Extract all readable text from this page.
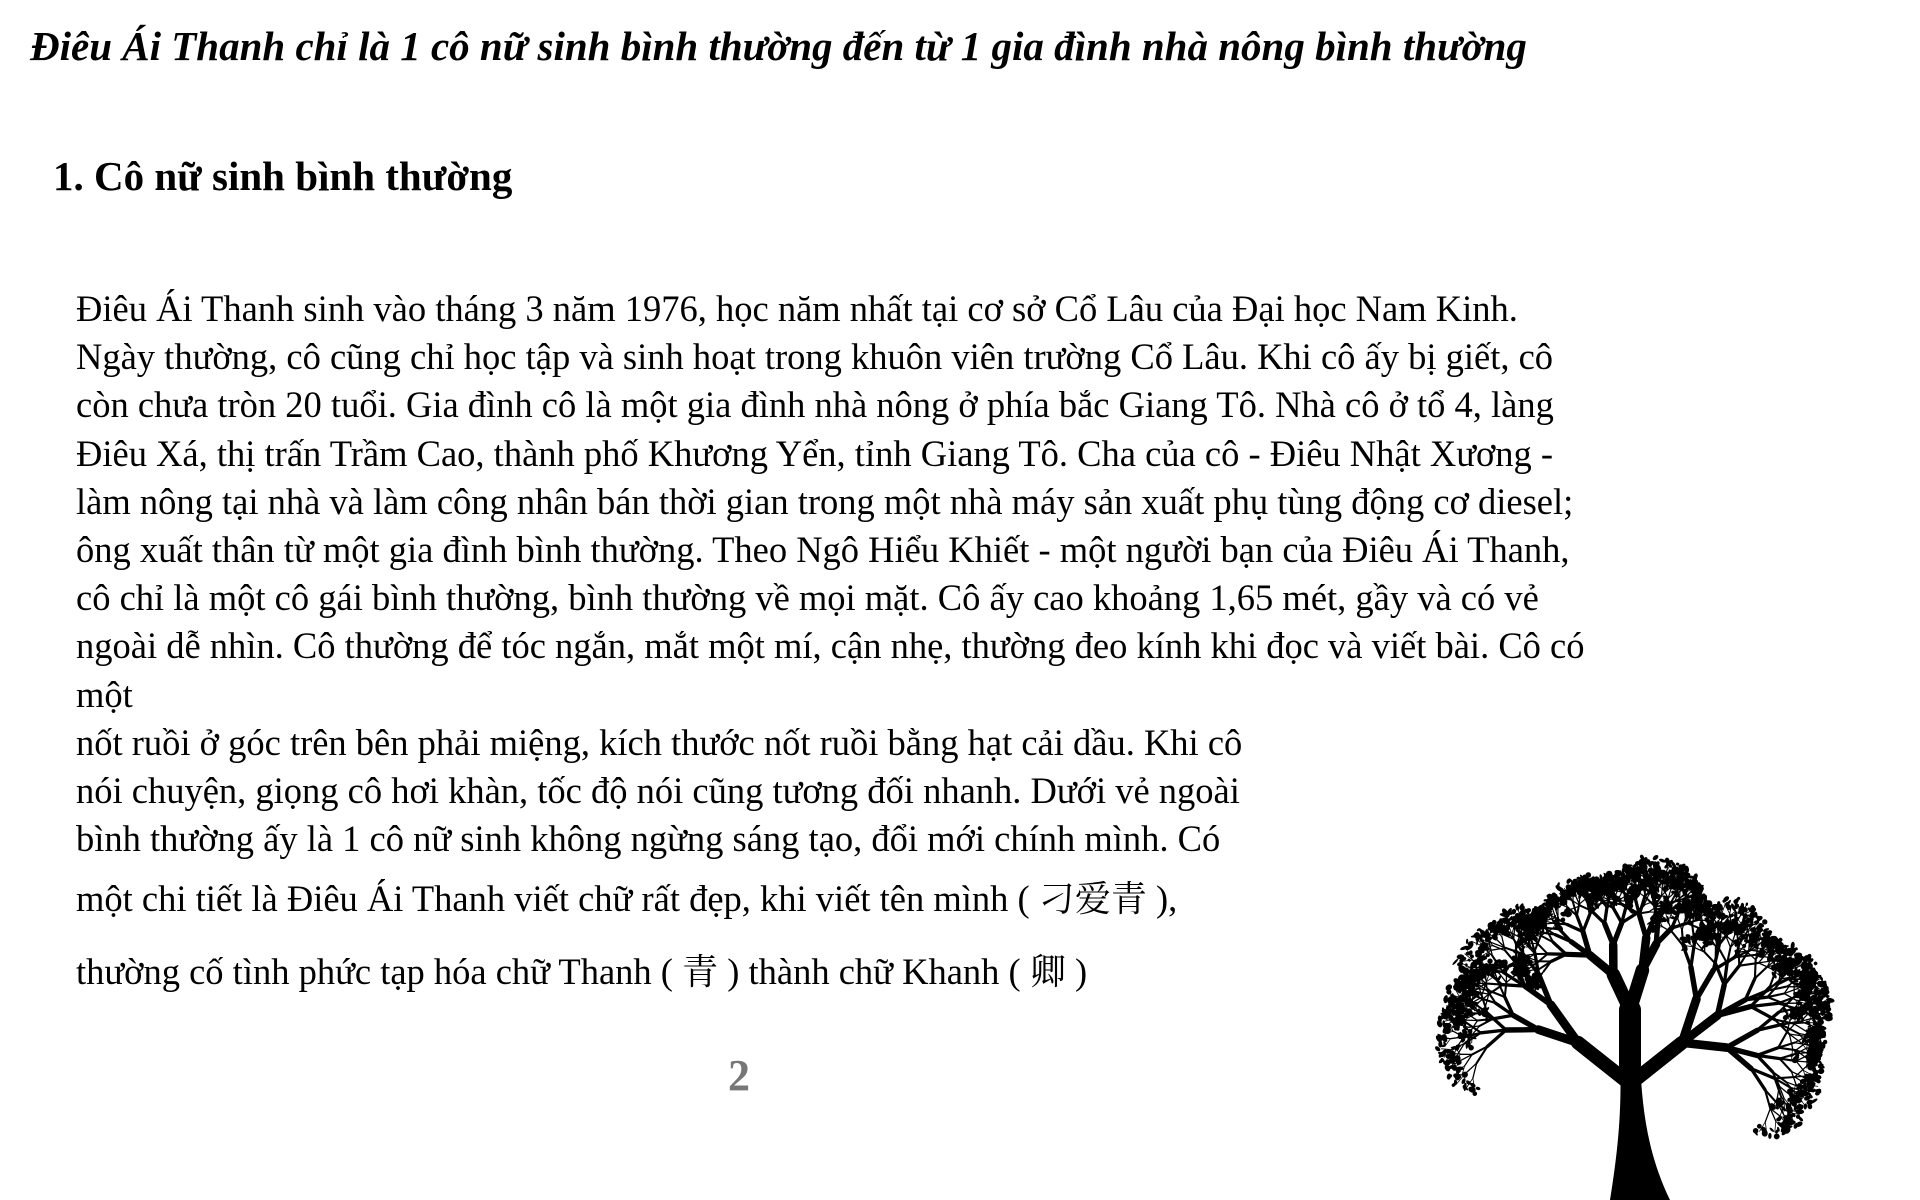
Điêu Ái Thanh chỉ là 1 cô nữ sinh bình thường đến từ 1 gia đình nhà nông bình thường
1. Cô nữ sinh bình thường
Điêu Ái Thanh sinh vào tháng 3 năm 1976, học năm nhất tại cơ sở Cổ Lâu của Đại học Nam Kinh.
Ngày thường, cô cũng chỉ học tập và sinh hoạt trong khuôn viên trường Cổ Lâu. Khi cô ấy bị giết, cô
còn chưa tròn 20 tuổi. Gia đình cô là một gia đình nhà nông ở phía bắc Giang Tô. Nhà cô ở tổ 4, làng
Điêu Xá, thị trấn Trầm Cao, thành phố Khương Yển, tỉnh Giang Tô. Cha của cô - Điêu Nhật Xương -
làm nông tại nhà và làm công nhân bán thời gian trong một nhà máy sản xuất phụ tùng động cơ diesel;
ông xuất thân từ một gia đình bình thường. Theo Ngô Hiểu Khiết - một người bạn của Điêu Ái Thanh,
cô chỉ là một cô gái bình thường, bình thường về mọi mặt. Cô ấy cao khoảng 1,65 mét, gầy và có vẻ
ngoài dễ nhìn. Cô thường để tóc ngắn, mắt một mí, cận nhẹ, thường đeo kính khi đọc và viết bài. Cô có
một
nốt ruồi ở góc trên bên phải miệng, kích thước nốt ruồi bằng hạt cải dầu. Khi cô
nói chuyện, giọng cô hơi khàn, tốc độ nói cũng tương đối nhanh. Dưới vẻ ngoài
bình thường ấy là 1 cô nữ sinh không ngừng sáng tạo, đổi mới chính mình. Có
một chi tiết là Điêu Ái Thanh viết chữ rất đẹp, khi viết tên mình ( 刁爱青 ),
thường cố tình phức tạp hóa chữ Thanh ( 青 ) thành chữ Khanh ( 卿 )
2
